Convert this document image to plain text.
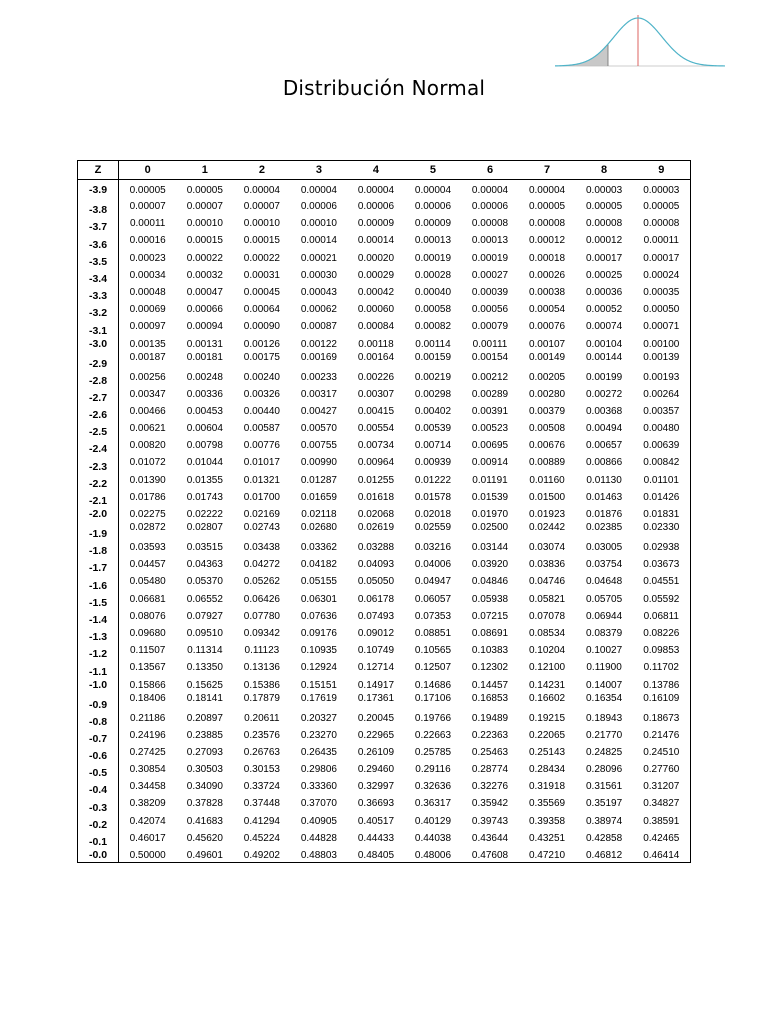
Distribución Normal
Z	0	1	2	3	4	5	6	7	8	9
-3.9	0.00005	0.00005	0.00004	0.00004	0.00004	0.00004	0.00004	0.00004	0.00003	0.00003
-3.8	0.00007	0.00007	0.00007	0.00006	0.00006	0.00006	0.00006	0.00005	0.00005	0.00005
-3.7	0.00011	0.00010	0.00010	0.00010	0.00009	0.00009	0.00008	0.00008	0.00008	0.00008
-3.6	0.00016	0.00015	0.00015	0.00014	0.00014	0.00013	0.00013	0.00012	0.00012	0.00011
-3.5	0.00023	0.00022	0.00022	0.00021	0.00020	0.00019	0.00019	0.00018	0.00017	0.00017
-3.4	0.00034	0.00032	0.00031	0.00030	0.00029	0.00028	0.00027	0.00026	0.00025	0.00024
-3.3	0.00048	0.00047	0.00045	0.00043	0.00042	0.00040	0.00039	0.00038	0.00036	0.00035
-3.2	0.00069	0.00066	0.00064	0.00062	0.00060	0.00058	0.00056	0.00054	0.00052	0.00050
-3.1	0.00097	0.00094	0.00090	0.00087	0.00084	0.00082	0.00079	0.00076	0.00074	0.00071
-3.0	0.00135	0.00131	0.00126	0.00122	0.00118	0.00114	0.00111	0.00107	0.00104	0.00100
-2.9	0.00187	0.00181	0.00175	0.00169	0.00164	0.00159	0.00154	0.00149	0.00144	0.00139
-2.8	0.00256	0.00248	0.00240	0.00233	0.00226	0.00219	0.00212	0.00205	0.00199	0.00193
-2.7	0.00347	0.00336	0.00326	0.00317	0.00307	0.00298	0.00289	0.00280	0.00272	0.00264
-2.6	0.00466	0.00453	0.00440	0.00427	0.00415	0.00402	0.00391	0.00379	0.00368	0.00357
-2.5	0.00621	0.00604	0.00587	0.00570	0.00554	0.00539	0.00523	0.00508	0.00494	0.00480
-2.4	0.00820	0.00798	0.00776	0.00755	0.00734	0.00714	0.00695	0.00676	0.00657	0.00639
-2.3	0.01072	0.01044	0.01017	0.00990	0.00964	0.00939	0.00914	0.00889	0.00866	0.00842
-2.2	0.01390	0.01355	0.01321	0.01287	0.01255	0.01222	0.01191	0.01160	0.01130	0.01101
-2.1	0.01786	0.01743	0.01700	0.01659	0.01618	0.01578	0.01539	0.01500	0.01463	0.01426
-2.0	0.02275	0.02222	0.02169	0.02118	0.02068	0.02018	0.01970	0.01923	0.01876	0.01831
-1.9	0.02872	0.02807	0.02743	0.02680	0.02619	0.02559	0.02500	0.02442	0.02385	0.02330
-1.8	0.03593	0.03515	0.03438	0.03362	0.03288	0.03216	0.03144	0.03074	0.03005	0.02938
-1.7	0.04457	0.04363	0.04272	0.04182	0.04093	0.04006	0.03920	0.03836	0.03754	0.03673
-1.6	0.05480	0.05370	0.05262	0.05155	0.05050	0.04947	0.04846	0.04746	0.04648	0.04551
-1.5	0.06681	0.06552	0.06426	0.06301	0.06178	0.06057	0.05938	0.05821	0.05705	0.05592
-1.4	0.08076	0.07927	0.07780	0.07636	0.07493	0.07353	0.07215	0.07078	0.06944	0.06811
-1.3	0.09680	0.09510	0.09342	0.09176	0.09012	0.08851	0.08691	0.08534	0.08379	0.08226
-1.2	0.11507	0.11314	0.11123	0.10935	0.10749	0.10565	0.10383	0.10204	0.10027	0.09853
-1.1	0.13567	0.13350	0.13136	0.12924	0.12714	0.12507	0.12302	0.12100	0.11900	0.11702
-1.0	0.15866	0.15625	0.15386	0.15151	0.14917	0.14686	0.14457	0.14231	0.14007	0.13786
-0.9	0.18406	0.18141	0.17879	0.17619	0.17361	0.17106	0.16853	0.16602	0.16354	0.16109
-0.8	0.21186	0.20897	0.20611	0.20327	0.20045	0.19766	0.19489	0.19215	0.18943	0.18673
-0.7	0.24196	0.23885	0.23576	0.23270	0.22965	0.22663	0.22363	0.22065	0.21770	0.21476
-0.6	0.27425	0.27093	0.26763	0.26435	0.26109	0.25785	0.25463	0.25143	0.24825	0.24510
-0.5	0.30854	0.30503	0.30153	0.29806	0.29460	0.29116	0.28774	0.28434	0.28096	0.27760
-0.4	0.34458	0.34090	0.33724	0.33360	0.32997	0.32636	0.32276	0.31918	0.31561	0.31207
-0.3	0.38209	0.37828	0.37448	0.37070	0.36693	0.36317	0.35942	0.35569	0.35197	0.34827
-0.2	0.42074	0.41683	0.41294	0.40905	0.40517	0.40129	0.39743	0.39358	0.38974	0.38591
-0.1	0.46017	0.45620	0.45224	0.44828	0.44433	0.44038	0.43644	0.43251	0.42858	0.42465
-0.0	0.50000	0.49601	0.49202	0.48803	0.48405	0.48006	0.47608	0.47210	0.46812	0.46414
